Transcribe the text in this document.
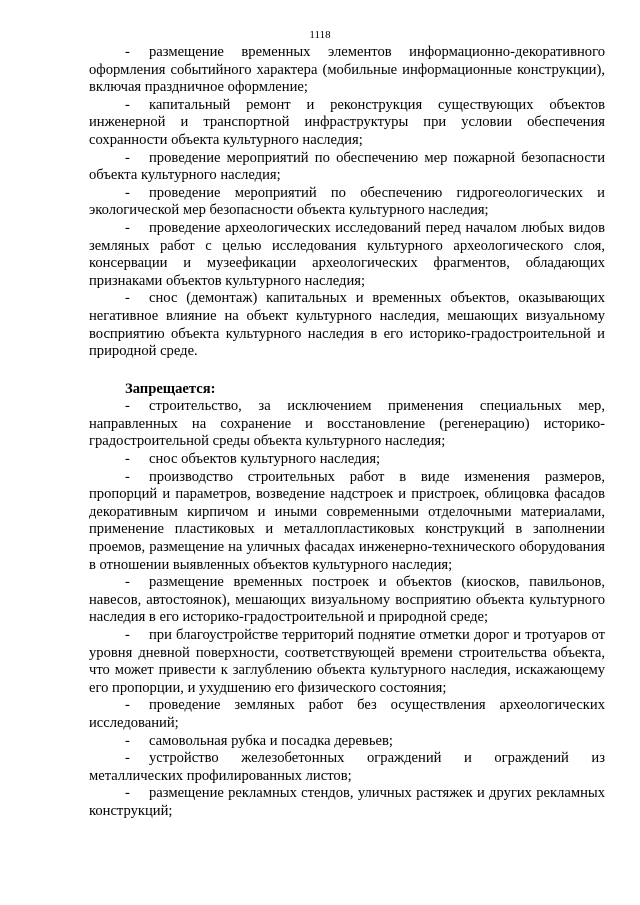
1118

- размещение временных элементов информационно-декоративного оформления событийного характера (мобильные информационные конструкции), включая праздничное оформление;

- капитальный ремонт и реконструкция существующих объектов инженерной и транспортной инфраструктуры при условии обеспечения сохранности объекта культурного наследия;

- проведение мероприятий по обеспечению мер пожарной безопасности объекта культурного наследия;

- проведение мероприятий по обеспечению гидрогеологических и экологической мер безопасности объекта культурного наследия;

- проведение археологических исследований перед началом любых видов земляных работ с целью исследования культурного археологического слоя, консервации и музеефикации археологических фрагментов, обладающих признаками объектов культурного наследия;

- снос (демонтаж) капитальных и временных объектов, оказывающих негативное влияние на объект культурного наследия, мешающих визуальному восприятию объекта культурного наследия в его историко-градостроительной и природной среде.

Запрещается:

- строительство, за исключением применения специальных мер, направленных на сохранение и восстановление (регенерацию) историко-градостроительной среды объекта культурного наследия;

- снос объектов культурного наследия;

- производство строительных работ в виде изменения размеров, пропорций и параметров, возведение надстроек и пристроек, облицовка фасадов декоративным кирпичом и иными современными отделочными материалами, применение пластиковых и металлопластиковых конструкций в заполнении проемов, размещение на уличных фасадах инженерно-технического оборудования в отношении выявленных объектов культурного наследия;

- размещение временных построек и объектов (киосков, павильонов, навесов, автостоянок), мешающих визуальному восприятию объекта культурного наследия в его историко-градостроительной и природной среде;

- при благоустройстве территорий поднятие отметки дорог и тротуаров от уровня дневной поверхности, соответствующей времени строительства объекта, что может привести к заглублению объекта культурного наследия, искажающему его пропорции, и ухудшению его физического состояния;

- проведение земляных работ без осуществления археологических исследований;

- самовольная рубка и посадка деревьев;

- устройство железобетонных ограждений и ограждений из металлических профилированных листов;

- размещение рекламных стендов, уличных растяжек и других рекламных конструкций;
